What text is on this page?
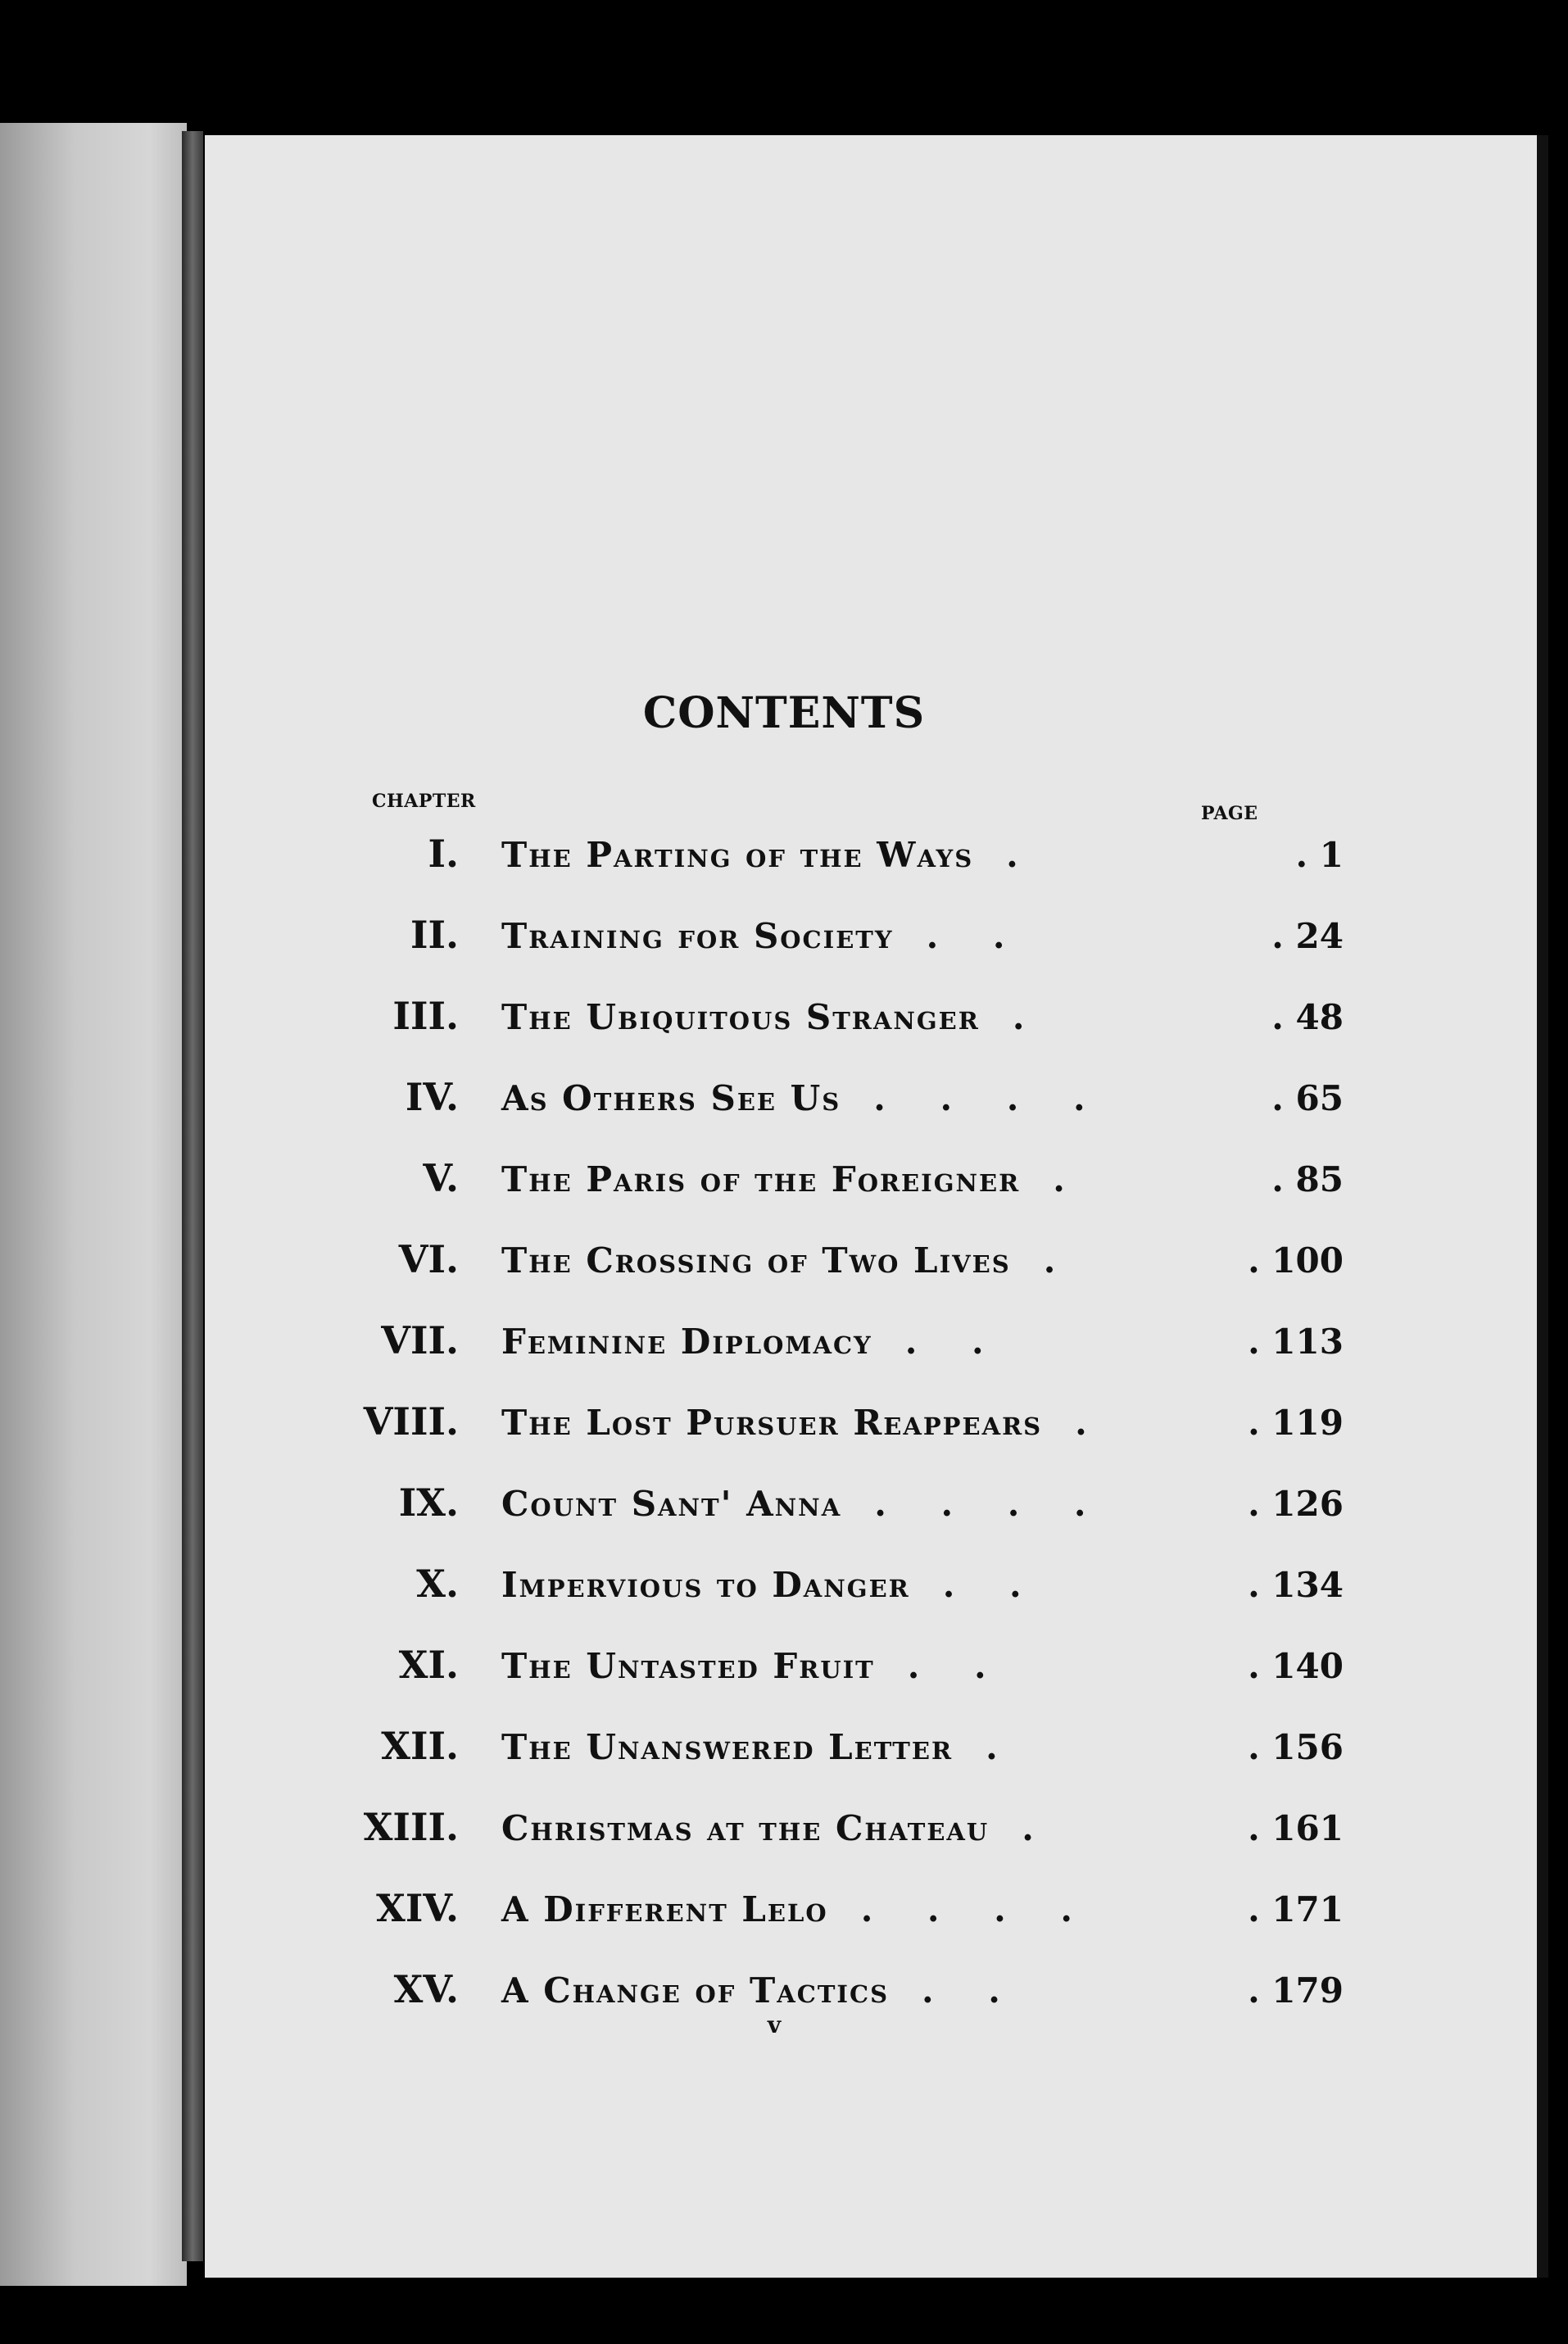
CONTENTS
CHAPTER
PAGE
I. The Parting of the Ways .	. 1
II. Training for Society . .	. 24
III. The Ubiquitous Stranger .	. 48
IV. As Others See Us . . . .	. 65
V. The Paris of the Foreigner .	. 85
VI. The Crossing of Two Lives .	. 100
VII. Feminine Diplomacy . .	. 113
VIII. The Lost Pursuer Reappears .	. 119
IX. Count Sant' Anna . . . .	. 126
X. Impervious to Danger . .	. 134
XI. The Untasted Fruit . .	. 140
XII. The Unanswered Letter .	. 156
XIII. Christmas at the Chateau .	. 161
XIV. A Different Lelo . . . .	. 171
XV. A Change of Tactics . .	. 179
v
